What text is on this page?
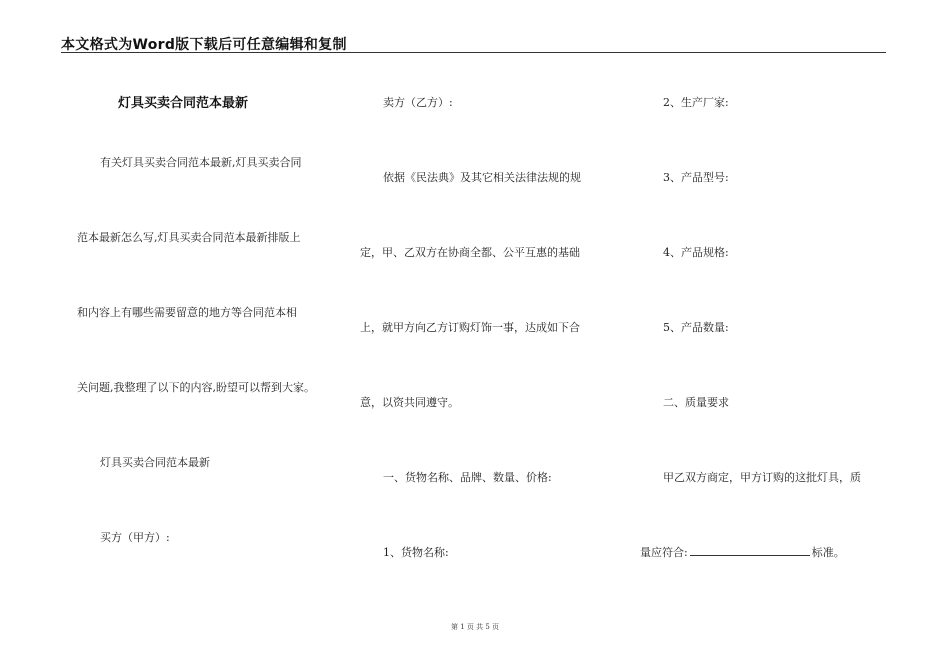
本文格式为Word版下载后可任意编辑和复制
灯具买卖合同范本最新
有关灯具买卖合同范本最新,灯具买卖合同
范本最新怎么写,灯具买卖合同范本最新排版上
和内容上有哪些需要留意的地方等合同范本相
关问题,我整理了以下的内容,盼望可以帮到大家。
灯具买卖合同范本最新
买方（甲方）:
卖方（乙方）:
依据《民法典》及其它相关法律法规的规
定，甲、乙双方在协商全都、公平互惠的基础
上，就甲方向乙方订购灯饰一事，达成如下合
意，以资共同遵守。
一、货物名称、品牌、数量、价格:
1、货物名称:
2、生产厂家:
3、产品型号:
4、产品规格:
5、产品数量:
二、质量要求
甲乙双方商定，甲方订购的这批灯具，质
量应符合:	标准。
第 1 页 共 5 页
